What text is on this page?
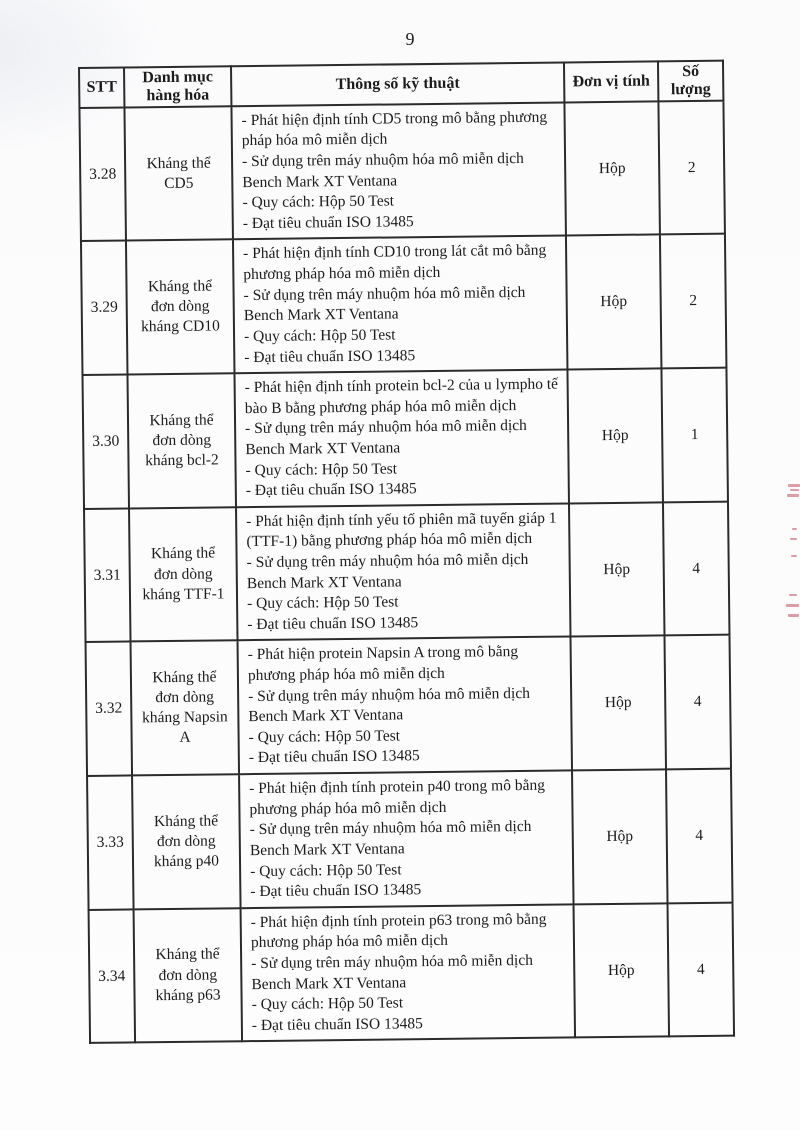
9
STT	Danh mục hàng hóa	Thông số kỹ thuật	Đơn vị tính	Số lượng
3.28	Kháng thể CD5	- Phát hiện định tính CD5 trong mô bằng phương pháp hóa mô miễn dịch

- Sử dụng trên máy nhuộm hóa mô miễn dịch Bench Mark XT Ventana

- Quy cách: Hộp 50 Test

- Đạt tiêu chuẩn ISO 13485	Hộp	2
3.29	Kháng thể đơn dòng kháng CD10	- Phát hiện định tính CD10 trong lát cắt mô bằng phương pháp hóa mô miễn dịch

- Sử dụng trên máy nhuộm hóa mô miễn dịch Bench Mark XT Ventana

- Quy cách: Hộp 50 Test

- Đạt tiêu chuẩn ISO 13485	Hộp	2
3.30	Kháng thể đơn dòng kháng bcl-2	- Phát hiện định tính protein bcl-2 của u lympho tế bào B bằng phương pháp hóa mô miễn dịch

- Sử dụng trên máy nhuộm hóa mô miễn dịch Bench Mark XT Ventana

- Quy cách: Hộp 50 Test

- Đạt tiêu chuẩn ISO 13485	Hộp	1
3.31	Kháng thể đơn dòng kháng TTF-1	- Phát hiện định tính yếu tố phiên mã tuyến giáp 1 (TTF-1) bằng phương pháp hóa mô miễn dịch

- Sử dụng trên máy nhuộm hóa mô miễn dịch Bench Mark XT Ventana

- Quy cách: Hộp 50 Test

- Đạt tiêu chuẩn ISO 13485	Hộp	4
3.32	Kháng thể đơn dòng kháng Napsin A	- Phát hiện protein Napsin A trong mô bằng phương pháp hóa mô miễn dịch

- Sử dụng trên máy nhuộm hóa mô miễn dịch Bench Mark XT Ventana

- Quy cách: Hộp 50 Test

- Đạt tiêu chuẩn ISO 13485	Hộp	4
3.33	Kháng thể đơn dòng kháng p40	- Phát hiện định tính protein p40 trong mô bằng phương pháp hóa mô miễn dịch

- Sử dụng trên máy nhuộm hóa mô miễn dịch Bench Mark XT Ventana

- Quy cách: Hộp 50 Test

- Đạt tiêu chuẩn ISO 13485	Hộp	4
3.34	Kháng thể đơn dòng kháng p63	- Phát hiện định tính protein p63 trong mô bằng phương pháp hóa mô miễn dịch

- Sử dụng trên máy nhuộm hóa mô miễn dịch Bench Mark XT Ventana

- Quy cách: Hộp 50 Test

- Đạt tiêu chuẩn ISO 13485	Hộp	4
